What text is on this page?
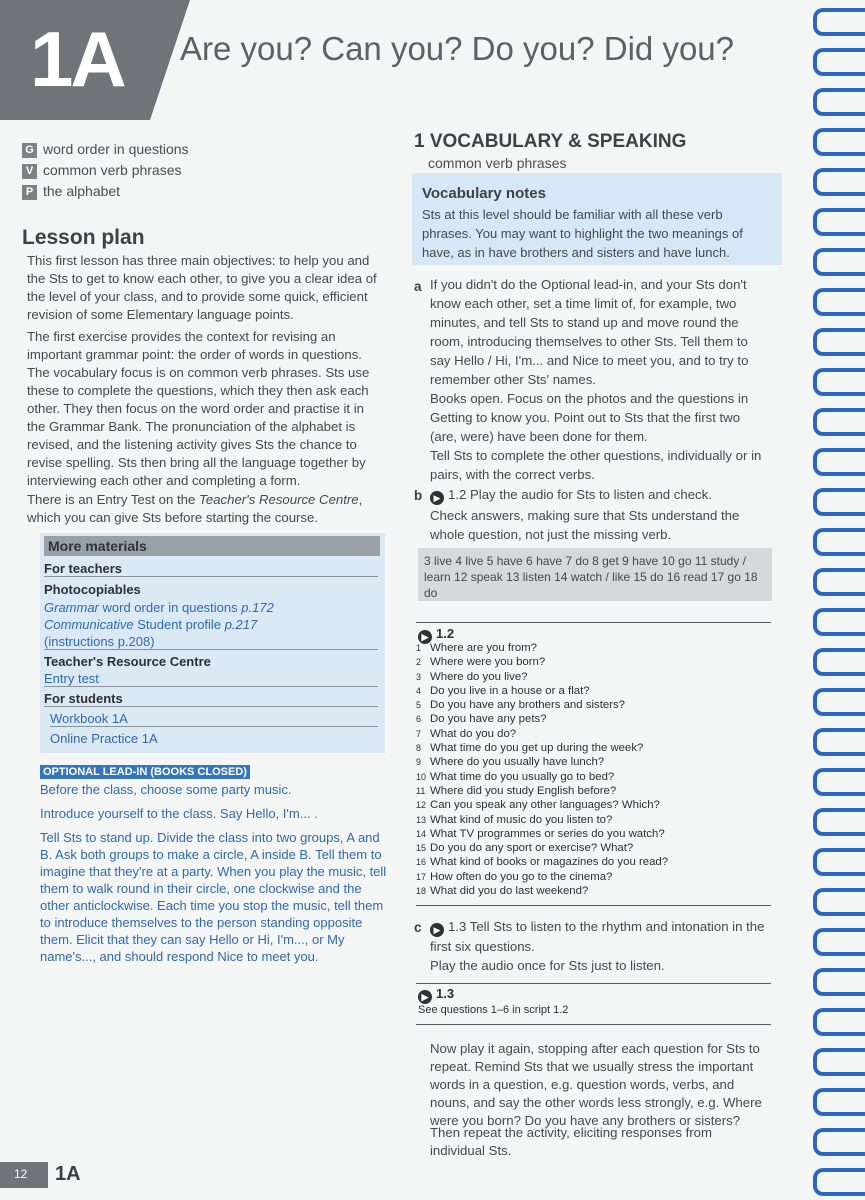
1A Are you? Can you? Do you? Did you?
G word order in questions
V common verb phrases
P the alphabet
Lesson plan

This first lesson has three main objectives: to help you and the Sts to get to know each other, to give you a clear idea of the level of your class, and to provide some quick, efficient revision of some Elementary language points.

The first exercise provides the context for revising an important grammar point: the order of words in questions. The vocabulary focus is on common verb phrases. Sts use these to complete the questions, which they then ask each other. They then focus on the word order and practise it in the Grammar Bank. The pronunciation of the alphabet is revised, and the listening activity gives Sts the chance to revise spelling. Sts then bring all the language together by interviewing each other and completing a form.

There is an Entry Test on the Teacher's Resource Centre, which you can give Sts before starting the course.

More materials
For teachers
Photocopiables
Grammar word order in questions p.172
Communicative Student profile p.217
(instructions p.208)
Teacher's Resource Centre
Entry test
For students
Workbook 1A
Online Practice 1A
OPTIONAL LEAD-IN (BOOKS CLOSED)

Before the class, choose some party music.

Introduce yourself to the class. Say Hello, I'm... .

Tell Sts to stand up. Divide the class into two groups, A and B. Ask both groups to make a circle, A inside B. Tell them to imagine that they're at a party. When you play the music, tell them to walk round in their circle, one clockwise and the other anticlockwise. Each time you stop the music, tell them to introduce themselves to the person standing opposite them. Elicit that they can say Hello or Hi, I'm..., or My name's..., and should respond Nice to meet you.

12 1A
1 VOCABULARY & SPEAKING
common verb phrases
Vocabulary notes

Sts at this level should be familiar with all these verb phrases. You may want to highlight the two meanings of have, as in have brothers and sisters and have lunch.

a If you didn't do the Optional lead-in, and your Sts don't know each other, set a time limit of, for example, two minutes, and tell Sts to stand up and move round the room, introducing themselves to other Sts. Tell them to say Hello / Hi, I'm... and Nice to meet you, and to try to remember other Sts' names.

Books open. Focus on the photos and the questions in Getting to know you. Point out to Sts that the first two (are, were) have been done for them.

Tell Sts to complete the other questions, individually or in pairs, with the correct verbs.

b	▶ 1.2 Play the audio for Sts to listen and check.

Check answers, making sure that Sts understand the whole question, not just the missing verb.

3 live 4 live 5 have 6 have 7 do 8 get 9 have 10 go 11 study / learn 12 speak 13 listen 14 watch / like 15 do 16 read 17 go 18 do

▶ 1.2
1 Where are you from?
2 Where were you born?
3 Where do you live?
4 Do you live in a house or a flat?
5 Do you have any brothers and sisters?
6 Do you have any pets?
7 What do you do?
8 What time do you get up during the week?
9 Where do you usually have lunch?
10 What time do you usually go to bed?
11 Where did you study English before?
12 Can you speak any other languages? Which?
13 What kind of music do you listen to?
14 What TV programmes or series do you watch?
15 Do you do any sport or exercise? What?
16 What kind of books or magazines do you read?
17 How often do you go to the cinema?
18 What did you do last weekend?
c	▶ 1.3 Tell Sts to listen to the rhythm and intonation in the first six questions.

Play the audio once for Sts just to listen.

▶ 1.3
See questions 1–6 in script 1.2

Now play it again, stopping after each question for Sts to repeat. Remind Sts that we usually stress the important words in a question, e.g. question words, verbs, and nouns, and say the other words less strongly, e.g. Where were you born? Do you have any brothers or sisters?

Then repeat the activity, eliciting responses from individual Sts.
